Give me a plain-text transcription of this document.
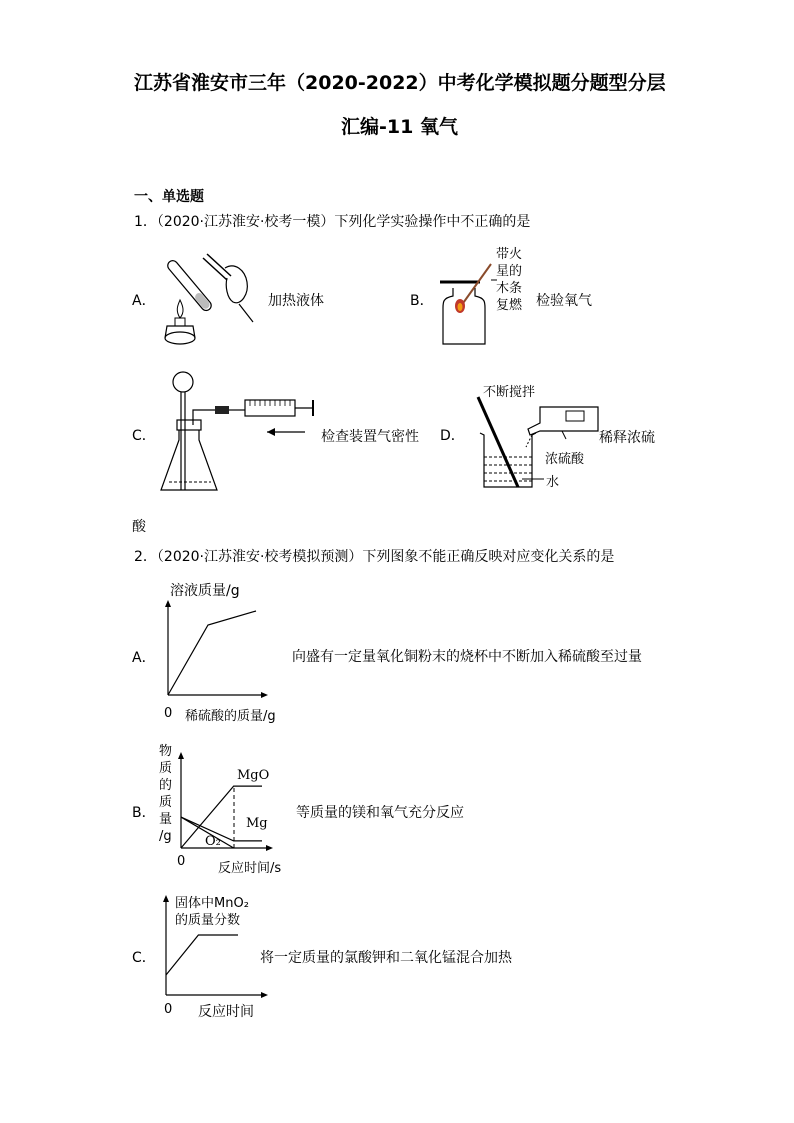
江苏省淮安市三年（2020-2022）中考化学模拟题分题型分层
汇编-11 氧气
一、单选题
1．（2020·江苏淮安·校考一模）下列化学实验操作中不正确的是
A．	加热液体	B．
带火
星的
木条
复燃 检验氧气
C．	检查装置气密性 D．
不断搅拌
稀释浓硫
浓硫酸
水
酸
2．（2020·江苏淮安·校考模拟预测）下列图象不能正确反映对应变化关系的是
A．
溶液质量/g
0 稀硫酸的质量/g
向盛有一定量氧化铜粉末的烧杯中不断加入稀硫酸至过量
B．
物
质
的
质
量
/g
MgO
Mg
O₂
0	反应时间/s
等质量的镁和氧气充分反应
C．
固体中MnO₂
的质量分数
0 反应时间
将一定质量的氯酸钾和二氧化锰混合加热
